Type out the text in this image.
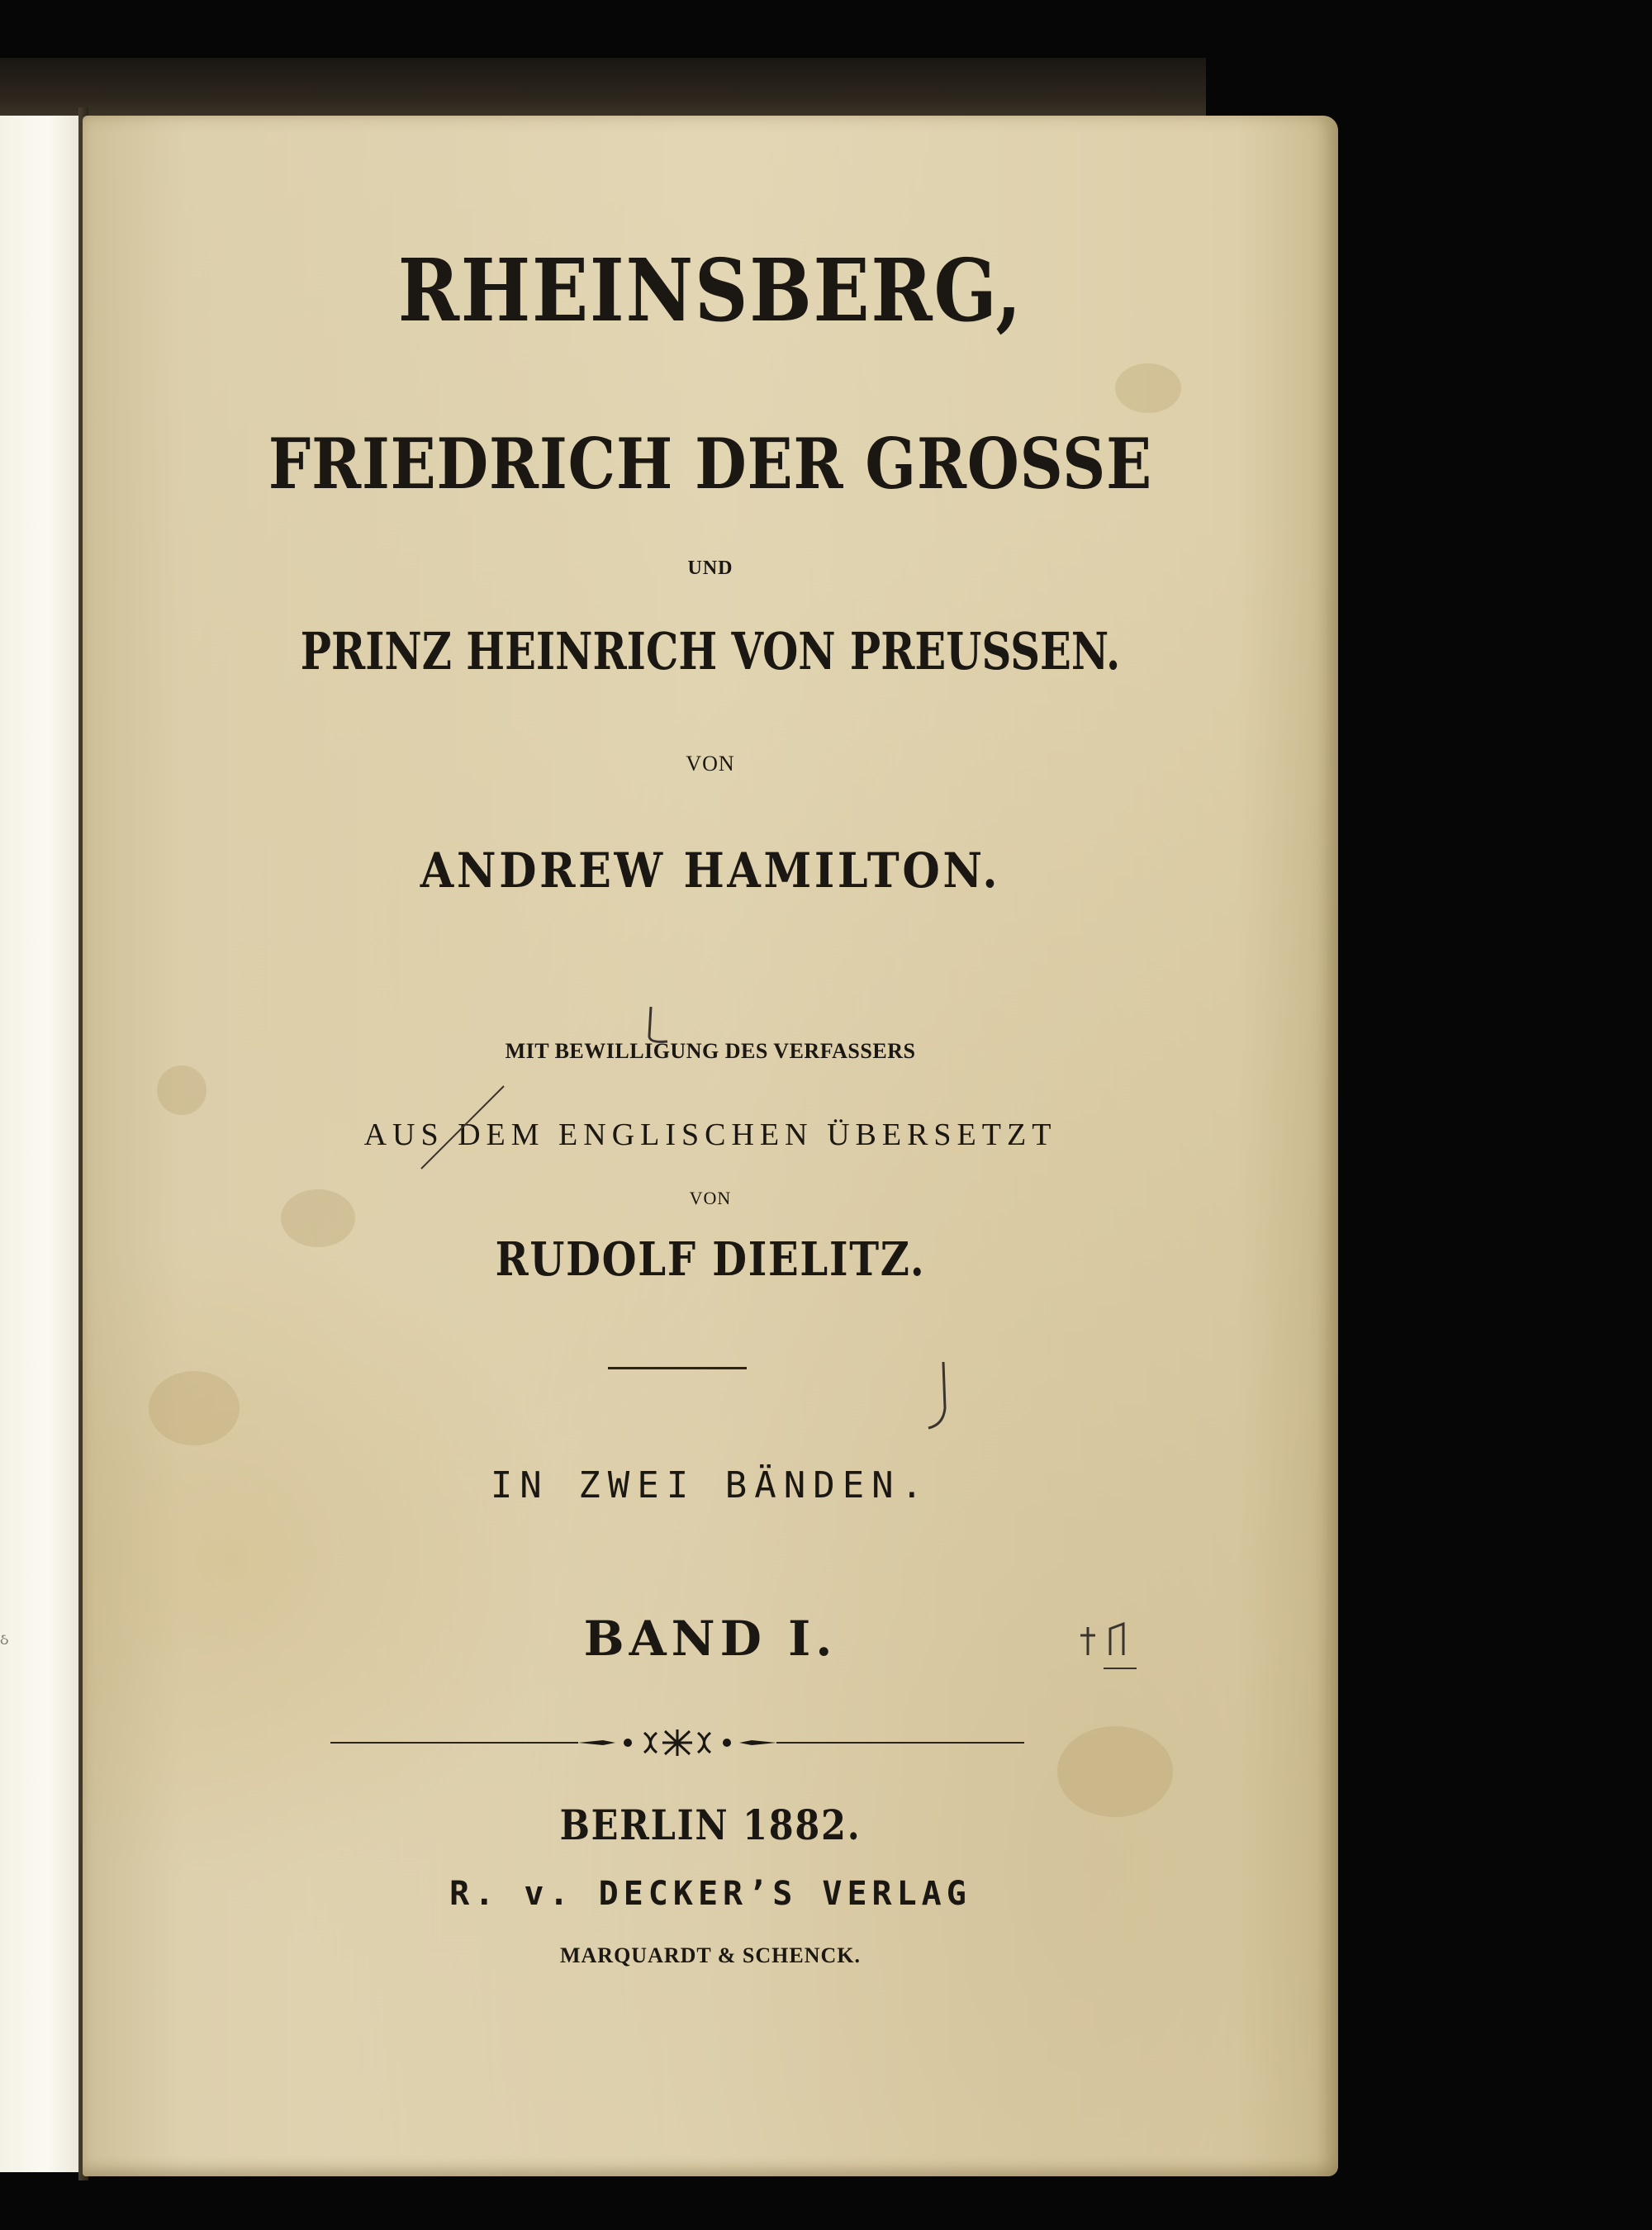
ઠ
RHEINSBERG,

FRIEDRICH DER GROSSE

UND

PRINZ HEINRICH VON PREUSSEN.

VON

ANDREW HAMILTON.

MIT BEWILLIGUNG DES VERFASSERS

AUS DEM ENGLISCHEN ÜBERSETZT

VON

RUDOLF DIELITZ.

IN ZWEI BÄNDEN.

BAND I.

BERLIN 1882.

R. v. DECKER’S VERLAG

MARQUARDT & SCHENCK.
